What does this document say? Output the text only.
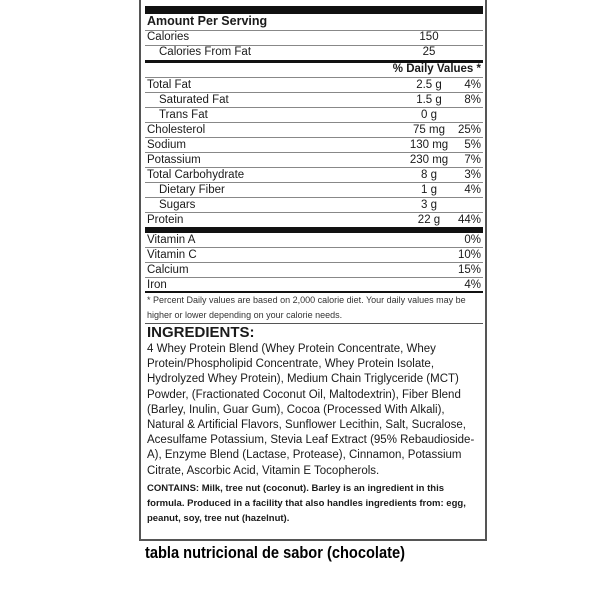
Amount Per Serving
Calories	150
Calories From Fat	25
% Daily Values *
Total Fat	2.5 g	4%
Saturated Fat	1.5 g	8%
Trans Fat	0 g
Cholesterol	75 mg	25%
Sodium	130 mg	5%
Potassium	230 mg	7%
Total Carbohydrate	8 g	3%
Dietary Fiber	1 g	4%
Sugars	3 g
Protein	22 g	44%
Vitamin A	0%
Vitamin C	10%
Calcium	15%
Iron	4%
* Percent Daily values are based on 2,000 calorie diet. Your daily values may be higher or lower depending on your calorie needs.
INGREDIENTS:
4 Whey Protein Blend (Whey Protein Concentrate, Whey Protein/Phospholipid Concentrate, Whey Protein Isolate, Hydrolyzed Whey Protein), Medium Chain Triglyceride (MCT) Powder, (Fractionated Coconut Oil, Maltodextrin), Fiber Blend (Barley, Inulin, Guar Gum), Cocoa (Processed With Alkali), Natural & Artificial Flavors, Sunflower Lecithin, Salt, Sucralose, Acesulfame Potassium, Stevia Leaf Extract (95% Rebaudioside-A), Enzyme Blend (Lactase, Protease), Cinnamon, Potassium Citrate, Ascorbic Acid, Vitamin E Tocopherols.
CONTAINS: Milk, tree nut (coconut). Barley is an ingredient in this formula. Produced in a facility that also handles ingredients from: egg, peanut, soy, tree nut (hazelnut).
tabla nutricional de sabor (chocolate)
